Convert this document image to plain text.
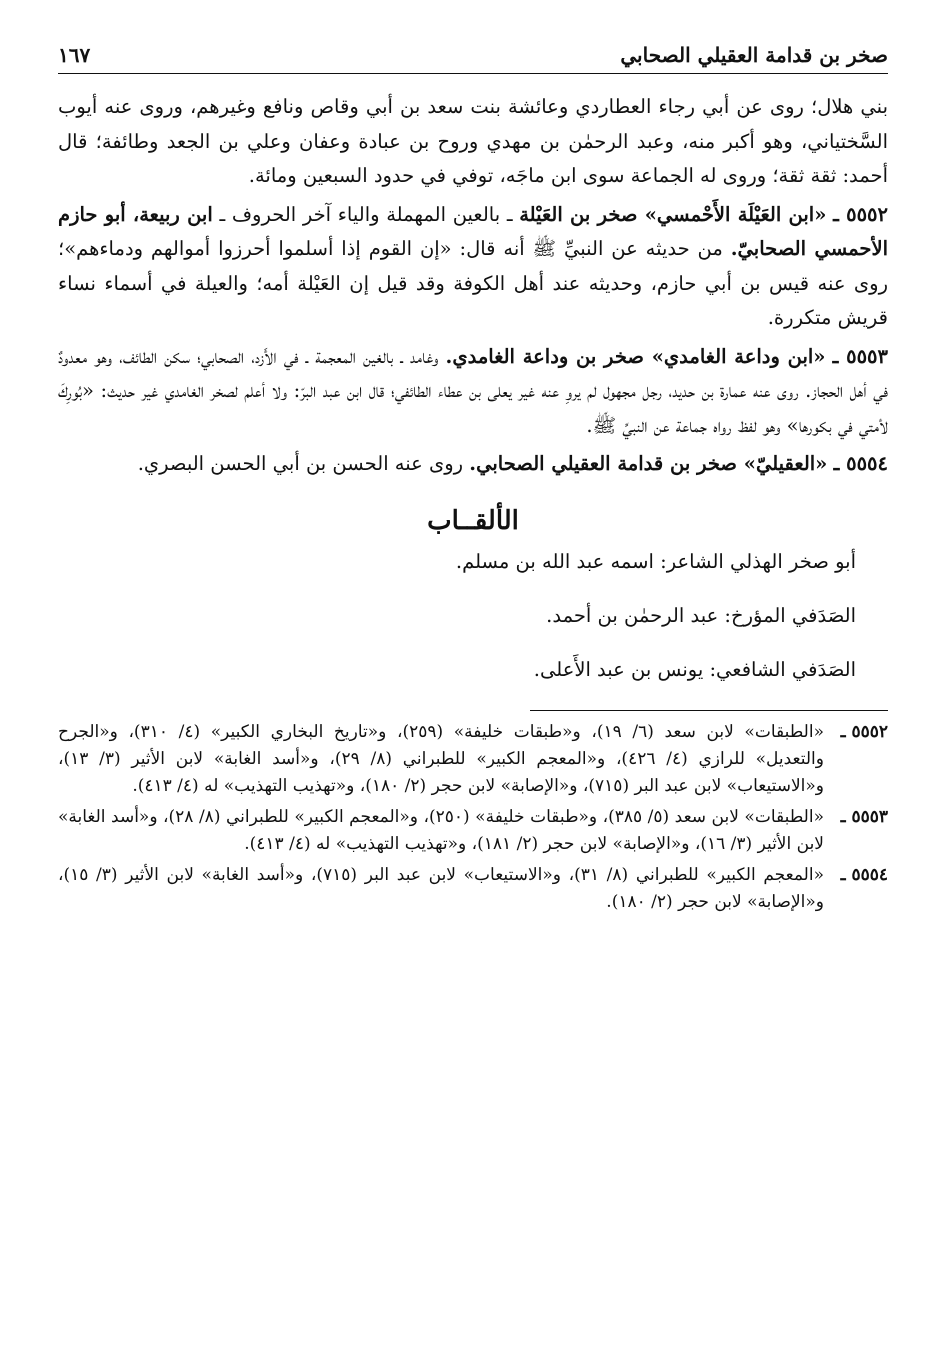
صخر بن قدامة العقيلي الصحابي
١٦٧

بني هلال؛ روى عن أبي رجاء العطاردي وعائشة بنت سعد بن أبي وقاص ونافع وغيرهم، وروى عنه أيوب السَّختياني، وهو أكبر منه، وعبد الرحمٰن بن مهدي وروح بن عبادة وعفان وعلي بن الجعد وطائفة؛ قال أحمد: ثقة ثقة؛ وروى له الجماعة سوى ابن ماجَه، توفي في حدود السبعين ومائة.

٥٥٥٢ ـ «ابن العَيْلَة الأَحْمسي» صخر بن العَيْلة ـ بالعين المهملة والياء آخر الحروف ـ ابن ربيعة، أبو حازم الأحمسي الصحابيّ. من حديثه عن النبيِّ ﷺ أنه قال: «إن القوم إذا أسلموا أحرزوا أموالهم ودماءهم»؛ روى عنه قيس بن أبي حازم، وحديثه عند أهل الكوفة وقد قيل إن العَيْلة أمه؛ والعيلة في أسماء نساء قريش متكررة.

٥٥٥٣ ـ «ابن وداعة الغامدي» صخر بن وداعة الغامدي. وغامد ـ بالغين المعجمة ـ في الأَزد، الصحابي؛ سكن الطائف، وهو معدودٌ في أهل الحجاز. روى عنه عمارة بن حديد، رجل مجهول لم يروِ عنه غير يعلى بن عطاء الطائفي؛ قال ابن عبد البرّ: ولا أعلم لصخر الغامدي غير حديث: «بُورِكَ لأمتي في بكورها» وهو لفظ رواه جماعة عن النبيِّ ﷺ.

٥٥٥٤ ـ «العقيليّ» صخر بن قدامة العقيلي الصحابي. روى عنه الحسن بن أبي الحسن البصري.

الألقــاب

أبو صخر الهذلي الشاعر: اسمه عبد الله بن مسلم.

الصَدَفي المؤرخ: عبد الرحمٰن بن أحمد.

الصَدَفي الشافعي: يونس بن عبد الأَعلى.

٥٥٥٢ ـ
«الطبقات» لابن سعد (٦/ ١٩)، و«طبقات خليفة» (٢٥٩)، و«تاريخ البخاري الكبير» (٤/ ٣١٠)، و«الجرح والتعديل» للرازي (٤/ ٤٢٦)، و«المعجم الكبير» للطبراني (٨/ ٢٩)، و«أسد الغابة» لابن الأثير (٣/ ١٣)، و«الاستيعاب» لابن عبد البر (٧١٥)، و«الإصابة» لابن حجر (٢/ ١٨٠)، و«تهذيب التهذيب» له (٤/ ٤١٣).
٥٥٥٣ ـ
«الطبقات» لابن سعد (٥/ ٣٨٥)، و«طبقات خليفة» (٢٥٠)، و«المعجم الكبير» للطبراني (٨/ ٢٨)، و«أسد الغابة» لابن الأثير (٣/ ١٦)، و«الإصابة» لابن حجر (٢/ ١٨١)، و«تهذيب التهذيب» له (٤/ ٤١٣).
٥٥٥٤ ـ
«المعجم الكبير» للطبراني (٨/ ٣١)، و«الاستيعاب» لابن عبد البر (٧١٥)، و«أسد الغابة» لابن الأثير (٣/ ١٥)، و«الإصابة» لابن حجر (٢/ ١٨٠).
